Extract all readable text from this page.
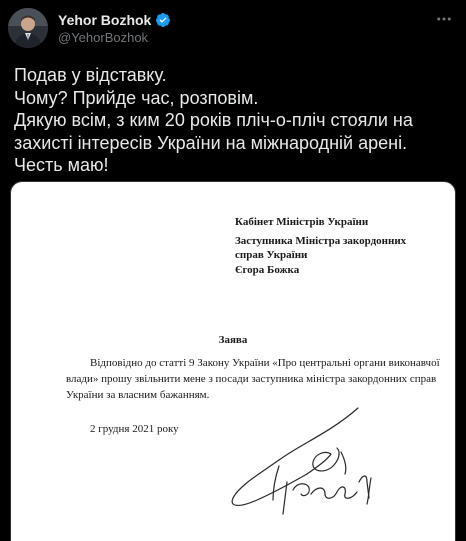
Yehor Bozhok
@YehorBozhok

Подав у відставку.

Чому? Прийде час, розповім.

Дякую всім, з ким 20 років пліч-о-пліч стояли на

захисті інтересів України на міжнародній арені.

Честь маю!

Кабінет Міністрів України
Заступника Міністра закордонних справ України
Єгора Божка
Заява
Відповідно до статті 9 Закону України «Про центральні органи виконавчої
влади» прошу звільнити мене з посади заступника міністра закордонних справ
України за власним бажанням.
2 грудня 2021 року
